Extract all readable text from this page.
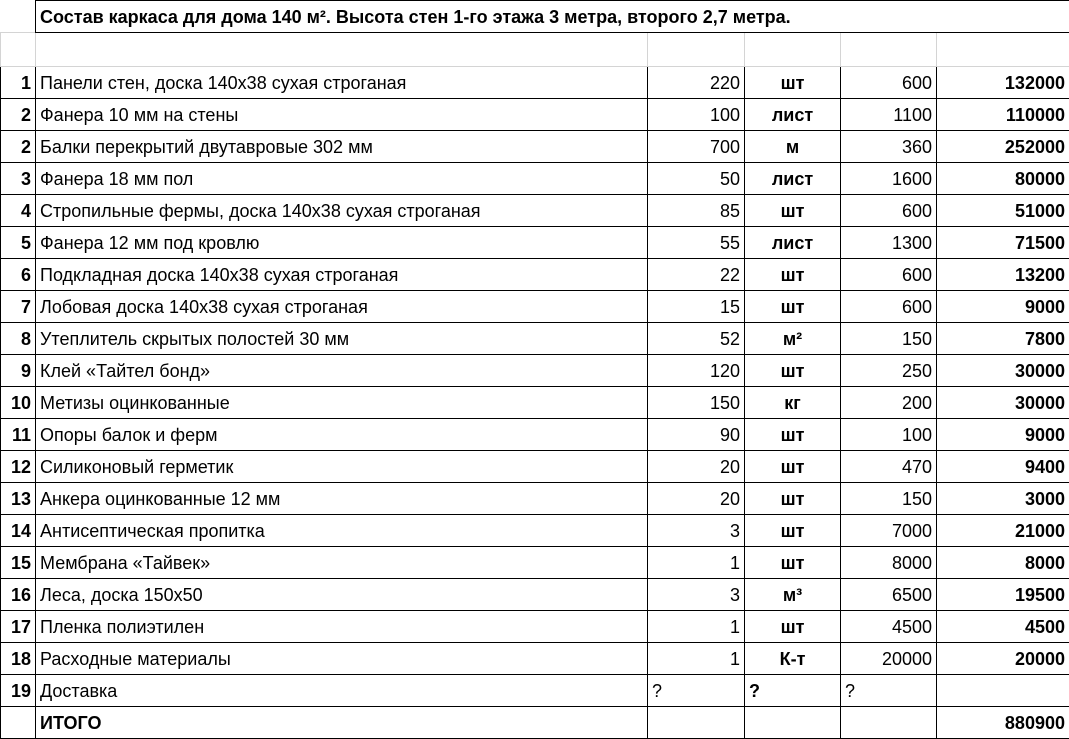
	Состав каркаса для дома 140 м². Высота стен 1-го этажа 3 метра, второго 2,7 метра.				

1	Панели стен, доска 140х38 сухая строганая	220	шт	600	132000
2	Фанера 10 мм на стены	100	лист	1100	110000
2	Балки перекрытий двутавровые 302 мм	700	м	360	252000
3	Фанера 18 мм пол	50	лист	1600	80000
4	Стропильные фермы, доска 140х38 сухая строганая	85	шт	600	51000
5	Фанера 12 мм под кровлю	55	лист	1300	71500
6	Подкладная доска 140х38 сухая строганая	22	шт	600	13200
7	Лобовая доска 140х38 сухая строганая	15	шт	600	9000
8	Утеплитель скрытых полостей 30 мм	52	м²	150	7800
9	Клей «Тайтел бонд»	120	шт	250	30000
10	Метизы оцинкованные	150	кг	200	30000
11	Опоры балок и ферм	90	шт	100	9000
12	Силиконовый герметик	20	шт	470	9400
13	Анкера оцинкованные 12 мм	20	шт	150	3000
14	Антисептическая пропитка	3	шт	7000	21000
15	Мембрана «Тайвек»	1	шт	8000	8000
16	Леса, доска 150х50	3	м³	6500	19500
17	Пленка полиэтилен	1	шт	4500	4500
18	Расходные материалы	1	К-т	20000	20000
19	Доставка	?	?	?	
	ИТОГО				880900
